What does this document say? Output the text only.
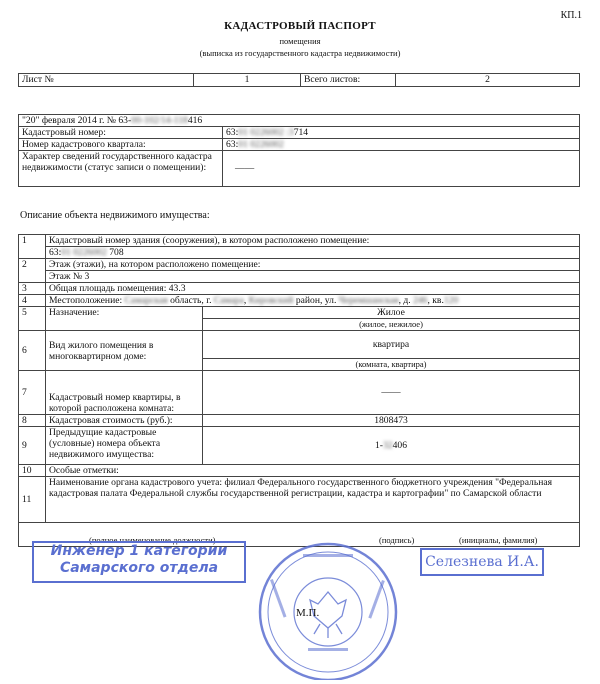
КП.1
КАДАСТРОВЫЙ ПАСПОРТ
помещения
(выписка из государственного кадастра недвижимости)
Лист №	1	Всего листов:	2
"20" февраля 2014 г. № 63-00-102/14-118416	
Кадастровый номер:	63:01 0226002 :3714
Номер кадастрового квартала:	63:01 0226002
Характер сведений государственного кадастра недвижимости (статус записи о помещении):	——
Описание объекта недвижимого имущества:
1	Кадастровый номер здания (сооружения), в котором расположено помещение:	
	63:01 0226002 708	
2	Этаж (этажи), на котором расположено помещение:	
	Этаж № 3	
3	Общая площадь помещения: 43.3	
4	Местоположение: Самарская область, г. Самара, Кировский район, ул. Черемшанская, д. 246, кв.120	
5	Назначение:	Жилое
		(жилое, нежилое)
6	Вид жилого помещения в многоквартирном доме:	квартира
		(комната, квартира)
7	Кадастровый номер квартиры, в которой расположена комната:	——
8	Кадастровая стоимость (руб.):	1808473
9	Предыдущие кадастровые (условные) номера объекта недвижимого имущества:	1-32406
10	Особые отметки:	
11	Наименование органа кадастрового учета: филиал Федерального государственного бюджетного учреждения "Федеральная кадастровая палата Федеральной службы государственной регистрации, кадастра и картографии" по Самарской области	

(полное наименование должности) (подпись) (инициалы, фамилия)		
Инженер 1 категории
Самарского отдела	Селезнева И.А.
М.П.
